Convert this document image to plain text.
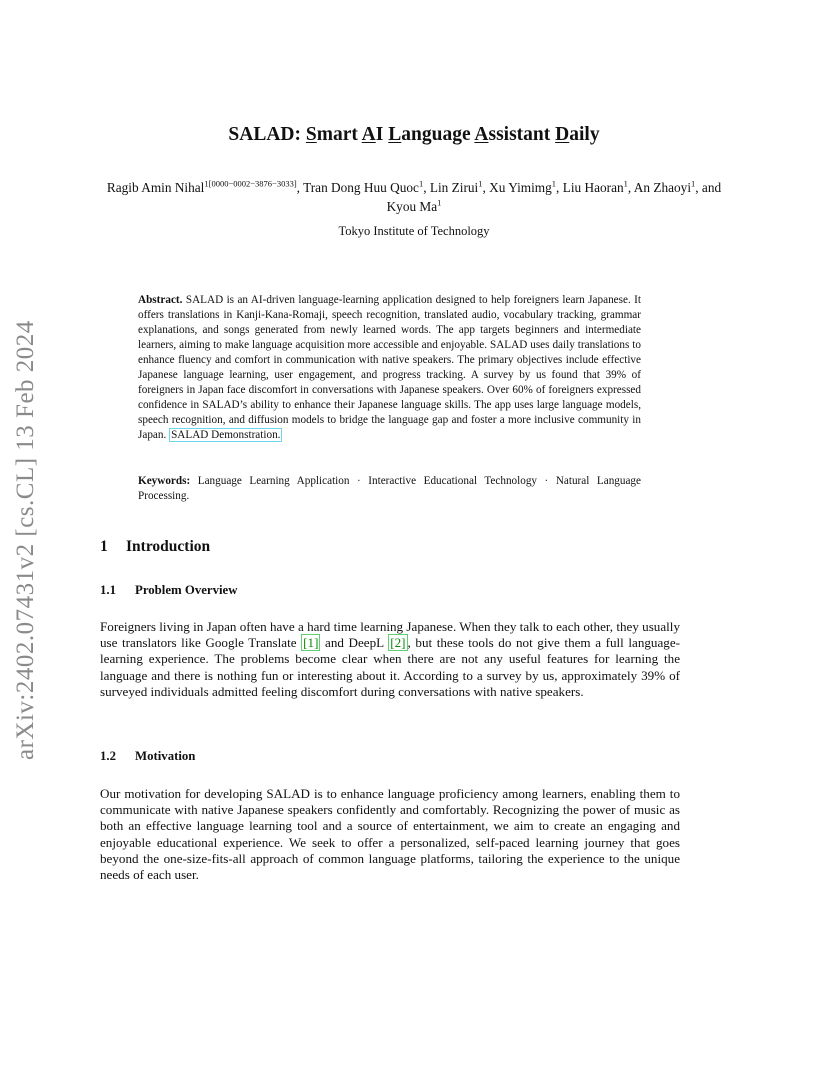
arXiv:2402.07431v2 [cs.CL] 13 Feb 2024
SALAD: Smart AI Language Assistant Daily
Ragib Amin Nihal$^{1[0000-0002-3876-3033]}$, Tran Dong Huu Quoc$^1$, Lin Zirui$^1$, Xu Yimimg$^1$, Liu Haoran$^1$, An Zhaoyi$^1$, and Kyou Ma$^1$
Tokyo Institute of Technology
Abstract. SALAD is an AI-driven language-learning application designed to help foreigners learn Japanese. It offers translations in Kanji-Kana-Romaji, speech recognition, translated audio, vocabulary tracking, grammar explanations, and songs generated from newly learned words. The app targets beginners and intermediate learners, aiming to make language acquisition more accessible and enjoyable. SALAD uses daily translations to enhance fluency and comfort in communication with native speakers. The primary objectives include effective Japanese language learning, user engagement, and progress tracking. A survey by us found that 39% of foreigners in Japan face discomfort in conversations with Japanese speakers. Over 60% of foreigners expressed confidence in SALAD’s ability to enhance their Japanese language skills. The app uses large language models, speech recognition, and diffusion models to bridge the language gap and foster a more inclusive community in Japan. SALAD Demonstration.
Keywords: Language Learning Application · Interactive Educational Technology · Natural Language Processing.
1 Introduction
1.1 Problem Overview
Foreigners living in Japan often have a hard time learning Japanese. When they talk to each other, they usually use translators like Google Translate [1] and DeepL [2] , but these tools do not give them a full language-learning experience. The problems become clear when there are not any useful features for learning the language and there is nothing fun or interesting about it. According to a survey by us, approximately 39% of surveyed individuals admitted feeling discomfort during conversations with native speakers.
1.2 Motivation
Our motivation for developing SALAD is to enhance language proficiency among learners, enabling them to communicate with native Japanese speakers confidently and comfortably. Recognizing the power of music as both an effective language learning tool and a source of entertainment, we aim to create an engaging and enjoyable educational experience. We seek to offer a personalized, self-paced learning journey that goes beyond the one-size-fits-all approach of common language platforms, tailoring the experience to the unique needs of each user.
